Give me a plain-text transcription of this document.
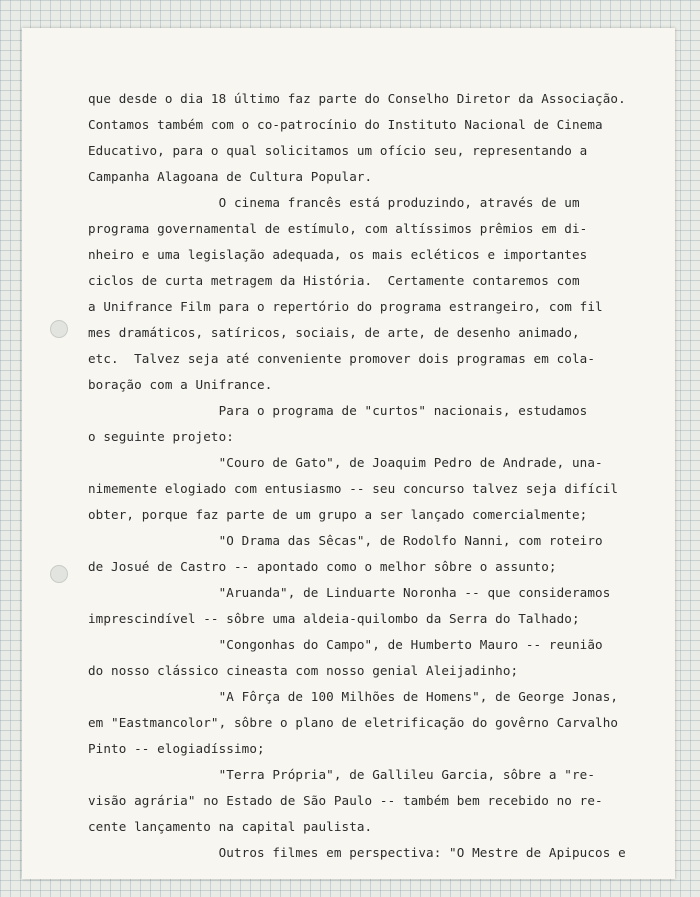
que desde o dia 18 último faz parte do Conselho Diretor da Associação.
Contamos também com o co-patrocínio do Instituto Nacional de Cinema
Educativo, para o qual solicitamos um ofício seu, representando a
Campanha Alagoana de Cultura Popular.
O cinema francês está produzindo, através de um
programa governamental de estímulo, com altíssimos prêmios em di-
nheiro e uma legislação adequada, os mais ecléticos e importantes
ciclos de curta metragem da História.  Certamente contaremos com
a Unifrance Film para o repertório do programa estrangeiro, com fil
mes dramáticos, satíricos, sociais, de arte, de desenho animado,
etc.  Talvez seja até conveniente promover dois programas em cola-
boração com a Unifrance.
Para o programa de "curtos" nacionais, estudamos
o seguinte projeto:
"Couro de Gato", de Joaquim Pedro de Andrade, una-
nimemente elogiado com entusiasmo -- seu concurso talvez seja difícil
obter, porque faz parte de um grupo a ser lançado comercialmente;
"O Drama das Sêcas", de Rodolfo Nanni, com roteiro
de Josué de Castro -- apontado como o melhor sôbre o assunto;
"Aruanda", de Linduarte Noronha -- que consideramos
imprescindível -- sôbre uma aldeia-quilombo da Serra do Talhado;
"Congonhas do Campo", de Humberto Mauro -- reunião
do nosso clássico cineasta com nosso genial Aleijadinho;
"A Fôrça de 100 Milhões de Homens", de George Jonas,
em "Eastmancolor", sôbre o plano de eletrificação do govêrno Carvalho
Pinto -- elogiadíssimo;
"Terra Própria", de Gallileu Garcia, sôbre a "re-
visão agrária" no Estado de São Paulo -- também bem recebido no re-
cente lançamento na capital paulista.
Outros filmes em perspectiva: "O Mestre de Apipucos e
